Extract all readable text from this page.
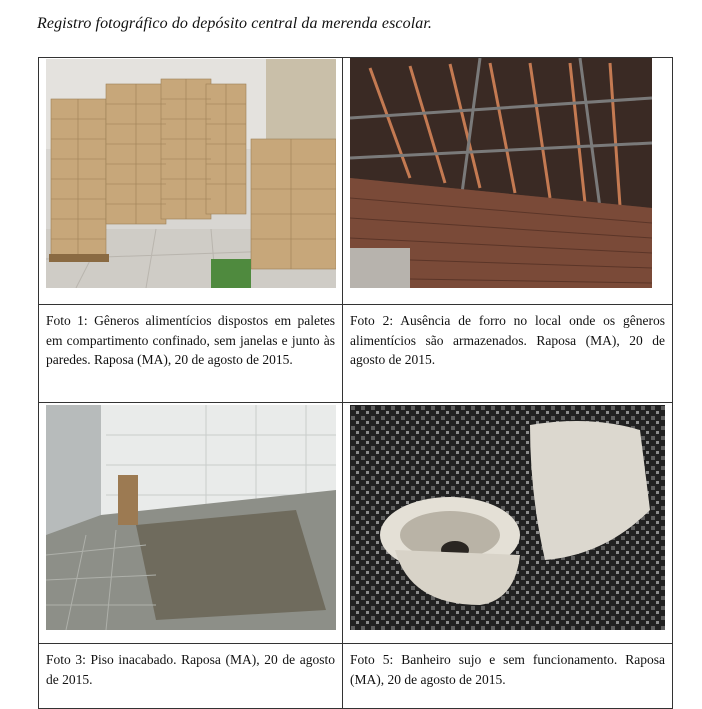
Registro fotográfico do depósito central da merenda escolar.

Foto 1: Gêneros alimentícios dispostos em paletes em compartimento confinado, sem janelas e junto às paredes. Raposa (MA), 20 de agosto de 2015.	Foto 2: Ausência de forro no local onde os gêneros alimentícios são armazenados. Raposa (MA), 20 de agosto de 2015.

Foto 3: Piso inacabado. Raposa (MA), 20 de agosto de 2015.	Foto 5: Banheiro sujo e sem funcionamento. Raposa (MA), 20 de agosto de 2015.
